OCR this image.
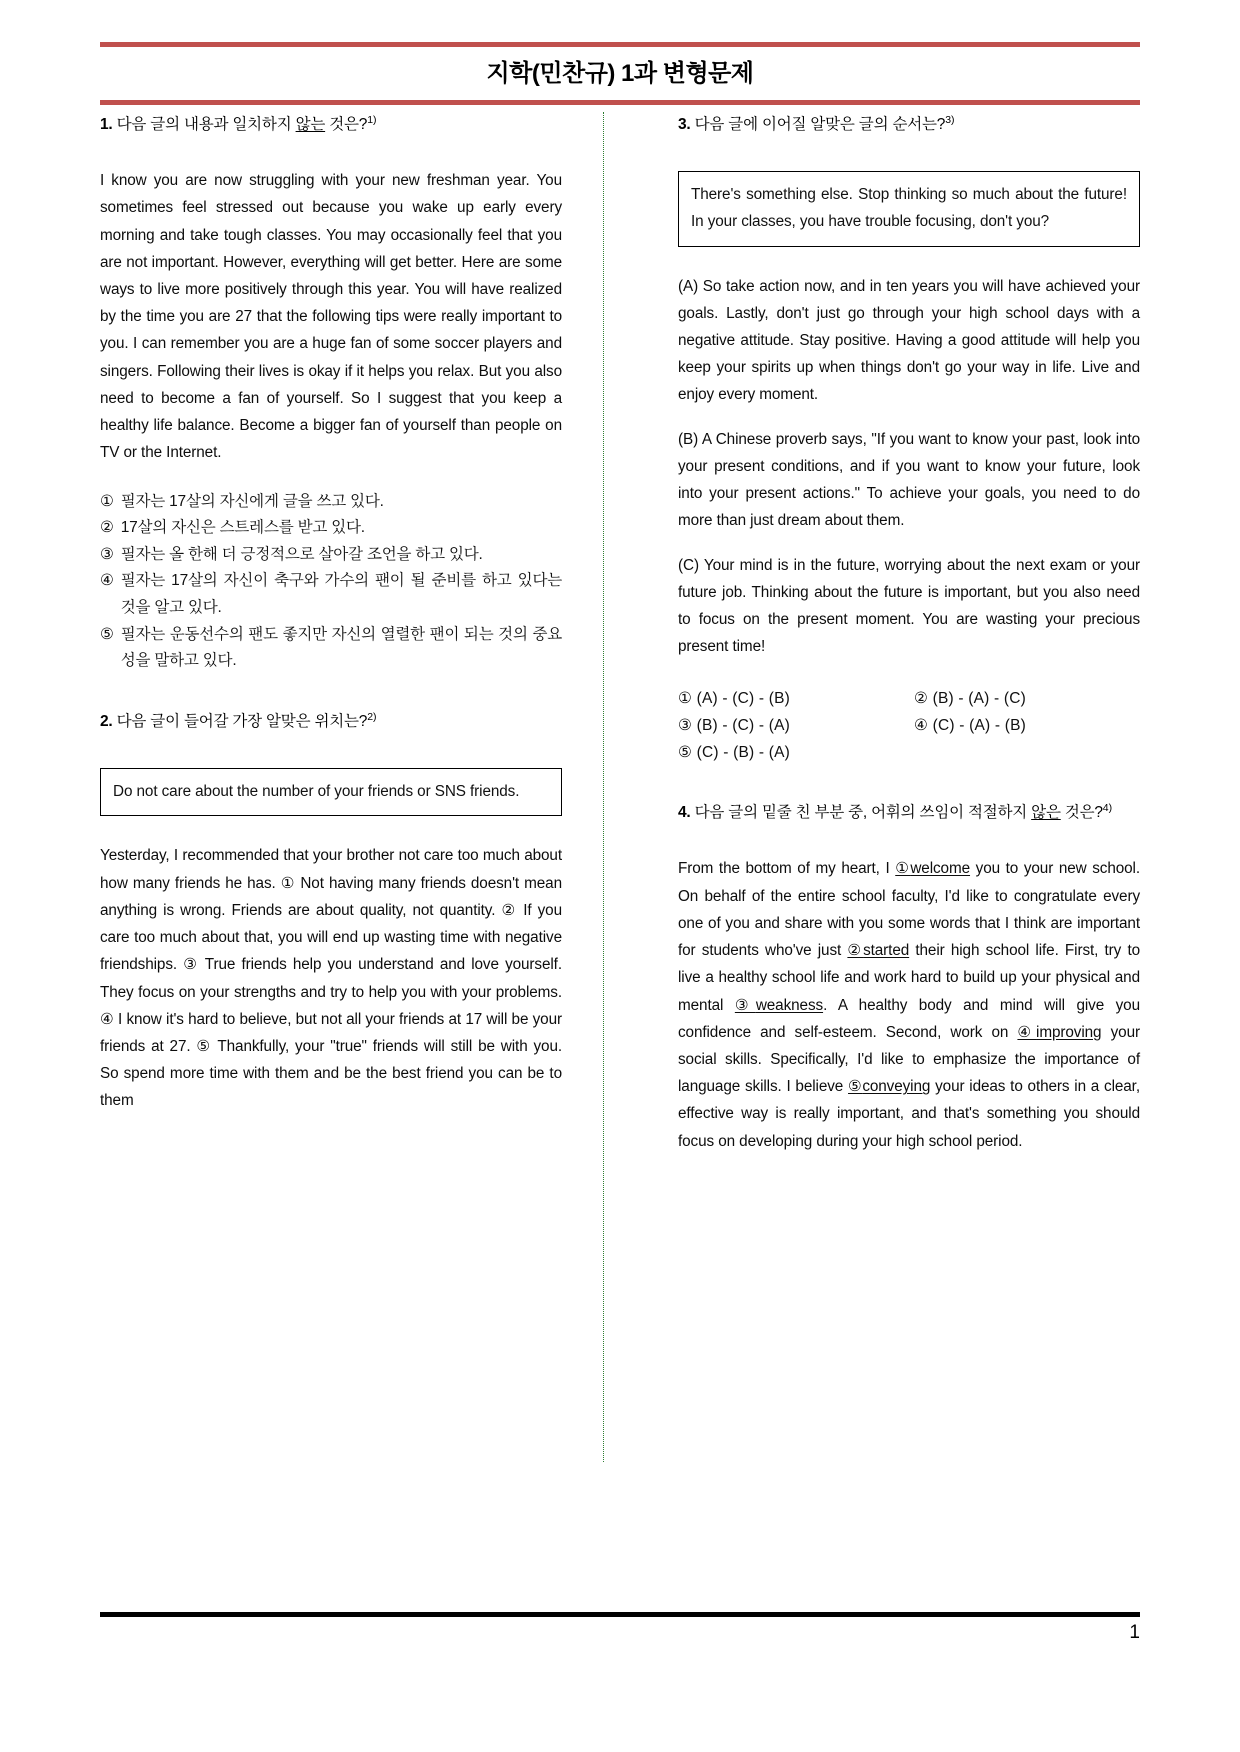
지학(민찬규) 1과 변형문제
1. 다음 글의 내용과 일치하지 않는 것은?$^{1)}$

I know you are now struggling with your new freshman year. You sometimes feel stressed out because you wake up early every morning and take tough classes. You may occasionally feel that you are not important. However, everything will get better. Here are some ways to live more positively through this year. You will have realized by the time you are 27 that the following tips were really important to you. I can remember you are a huge fan of some soccer players and singers. Following their lives is okay if it helps you relax. But you also need to become a fan of yourself. So I suggest that you keep a healthy life balance. Become a bigger fan of yourself than people on TV or the Internet.

① 필자는 17살의 자신에게 글을 쓰고 있다.
② 17살의 자신은 스트레스를 받고 있다.
③ 필자는 올 한해 더 긍정적으로 살아갈 조언을 하고 있다.
④ 필자는 17살의 자신이 축구와 가수의 팬이 될 준비를 하고 있다는 것을 알고 있다.
⑤ 필자는 운동선수의 팬도 좋지만 자신의 열렬한 팬이 되는 것의 중요성을 말하고 있다.
2. 다음 글이 들어갈 가장 알맞은 위치는?$^{2)}$
Do not care about the number of your friends or SNS friends.

Yesterday, I recommended that your brother not care too much about how many friends he has. ① Not having many friends doesn't mean anything is wrong. Friends are about quality, not quantity. ② If you care too much about that, you will end up wasting time with negative friendships. ③ True friends help you understand and love yourself. They focus on your strengths and try to help you with your problems. ④ I know it's hard to believe, but not all your friends at 17 will be your friends at 27. ⑤ Thankfully, your "true" friends will still be with you. So spend more time with them and be the best friend you can be to them

3. 다음 글에 이어질 알맞은 글의 순서는?$^{3)}$
There's something else. Stop thinking so much about the future! In your classes, you have trouble focusing, don't you?

(A) So take action now, and in ten years you will have achieved your goals. Lastly, don't just go through your high school days with a negative attitude. Stay positive. Having a good attitude will help you keep your spirits up when things don't go your way in life. Live and enjoy every moment.

(B) A Chinese proverb says, "If you want to know your past, look into your present conditions, and if you want to know your future, look into your present actions." To achieve your goals, you need to do more than just dream about them.

(C) Your mind is in the future, worrying about the next exam or your future job. Thinking about the future is important, but you also need to focus on the present moment. You are wasting your precious present time!

① (A) - (C) - (B)	② (B) - (A) - (C)
③ (B) - (C) - (A)	④ (C) - (A) - (B)
⑤ (C) - (B) - (A)
4. 다음 글의 밑줄 친 부분 중, 어휘의 쓰임이 적절하지 않은 것은?$^{4)}$

From the bottom of my heart, I ①welcome you to your new school. On behalf of the entire school faculty, I'd like to congratulate every one of you and share with you some words that I think are important for students who've just ②started their high school life. First, try to live a healthy school life and work hard to build up your physical and mental ③weakness. A healthy body and mind will give you confidence and self-esteem. Second, work on ④improving your social skills. Specifically, I'd like to emphasize the importance of language skills. I believe ⑤conveying your ideas to others in a clear, effective way is really important, and that's something you should focus on developing during your high school period.

1
